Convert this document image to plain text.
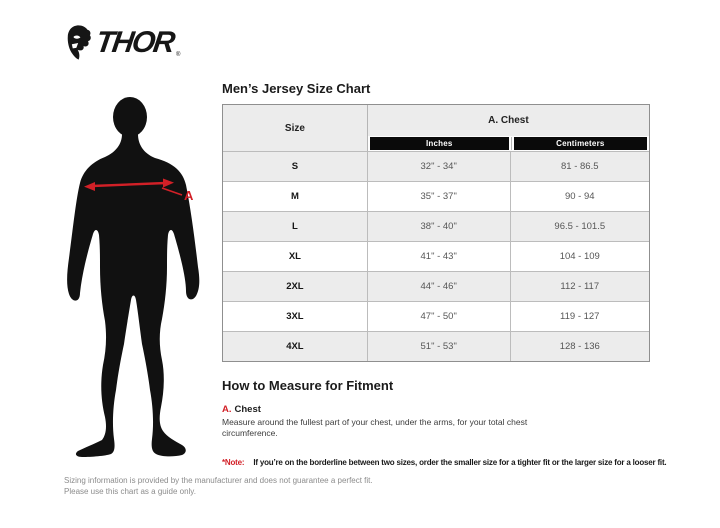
THOR ®
A
Men’s Jersey Size Chart
Size
A. Chest
Inches	Centimeters
S	32" - 34"	81 - 86.5
M	35" - 37"	90 - 94
L	38" - 40"	96.5 - 101.5
XL	41" - 43"	104 - 109
2XL	44" - 46"	112 - 117
3XL	47" - 50"	119 - 127
4XL	51" - 53"	128 - 136
How to Measure for Fitment
A. Chest
Measure around the fullest part of your chest, under the arms, for your total chest circumference.
*Note: If you’re on the borderline between two sizes, order the smaller size for a tighter fit or the larger size for a looser fit.
Sizing information is provided by the manufacturer and does not guarantee a perfect fit.
Please use this chart as a guide only.
